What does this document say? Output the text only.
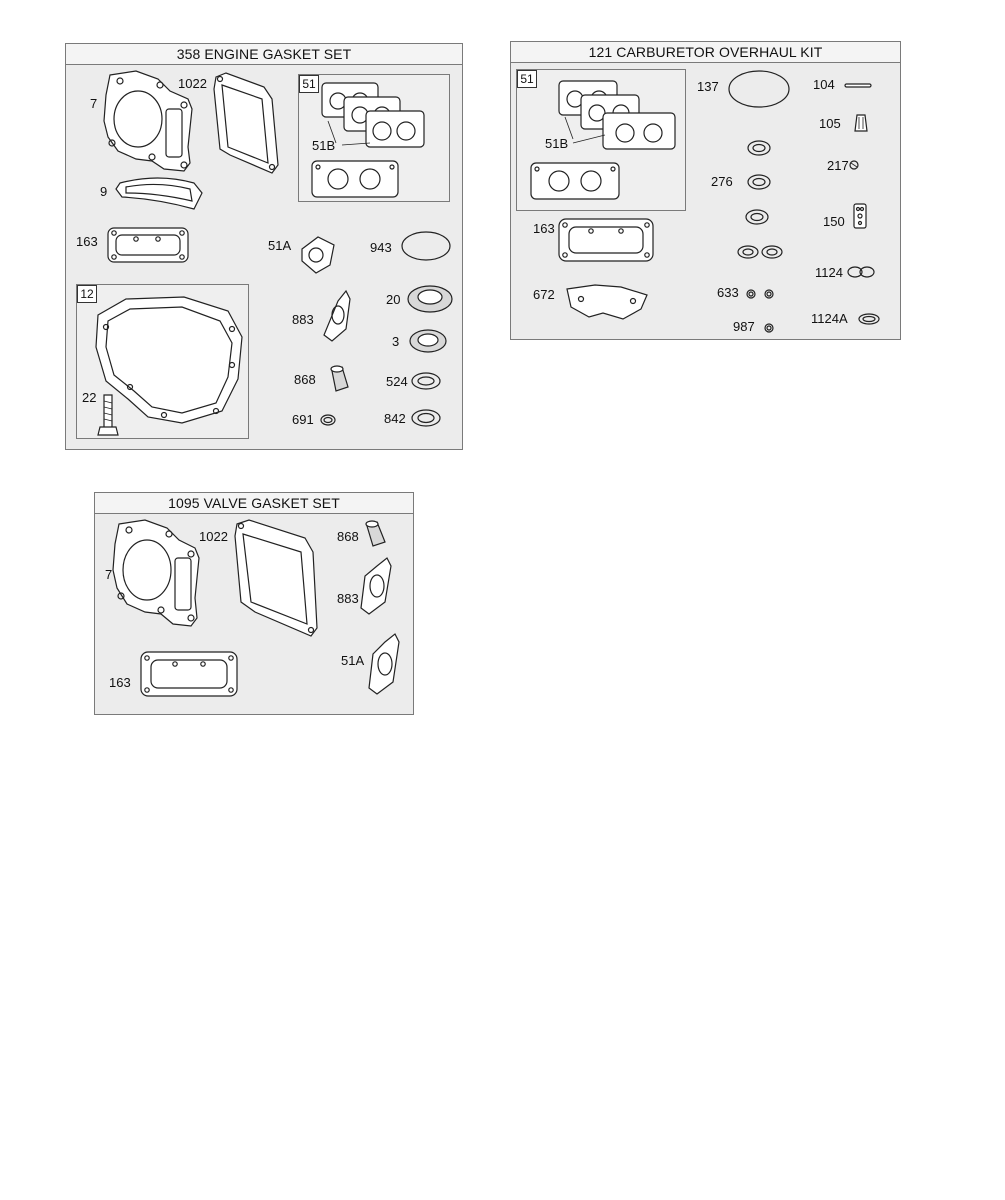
358 ENGINE GASKET SET
51
12
7
1022
51B
9
163	51A	943
20
883
3
868	524
22
691	842
121 CARBURETOR OVERHAUL KIT
51
51B
137	104
105
217
276
150
163
1124
672	633
987
1124A
1095 VALVE GASKET SET
7
1022	868
883
51A
163
